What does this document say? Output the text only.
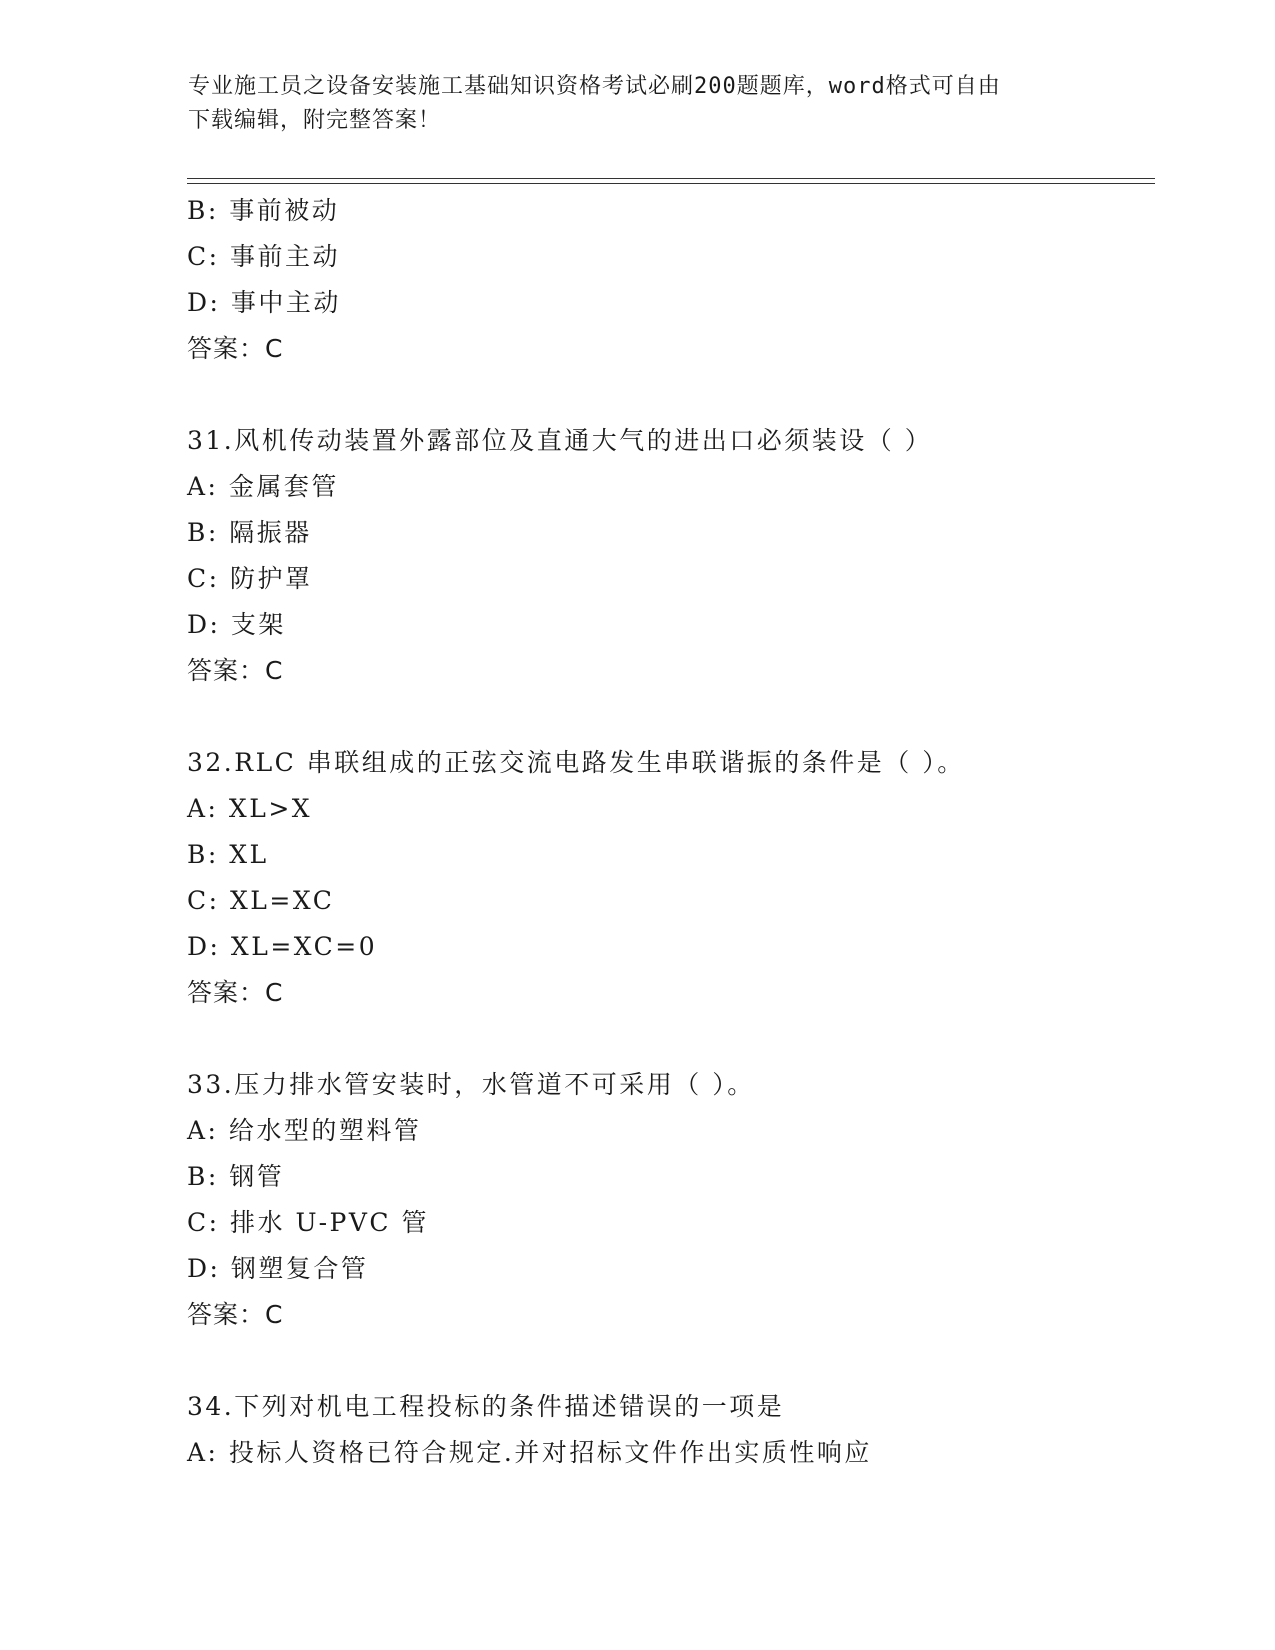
专业施工员之设备安装施工基础知识资格考试必刷200题题库，word格式可自由
下载编辑，附完整答案！
B: 事前被动
C: 事前主动
D: 事中主动
答案：C
31.风机传动装置外露部位及直通大气的进出口必须装设（ ）
A: 金属套管
B: 隔振器
C: 防护罩
D: 支架
答案：C
32.RLC 串联组成的正弦交流电路发生串联谐振的条件是（ ）。
A: XL>X
B: XL
C: XL=XC
D: XL=XC=0
答案：C
33.压力排水管安装时，水管道不可采用（ ）。
A: 给水型的塑料管
B: 钢管
C: 排水 U-PVC 管
D: 钢塑复合管
答案：C
34.下列对机电工程投标的条件描述错误的一项是
A: 投标人资格已符合规定.并对招标文件作出实质性响应
